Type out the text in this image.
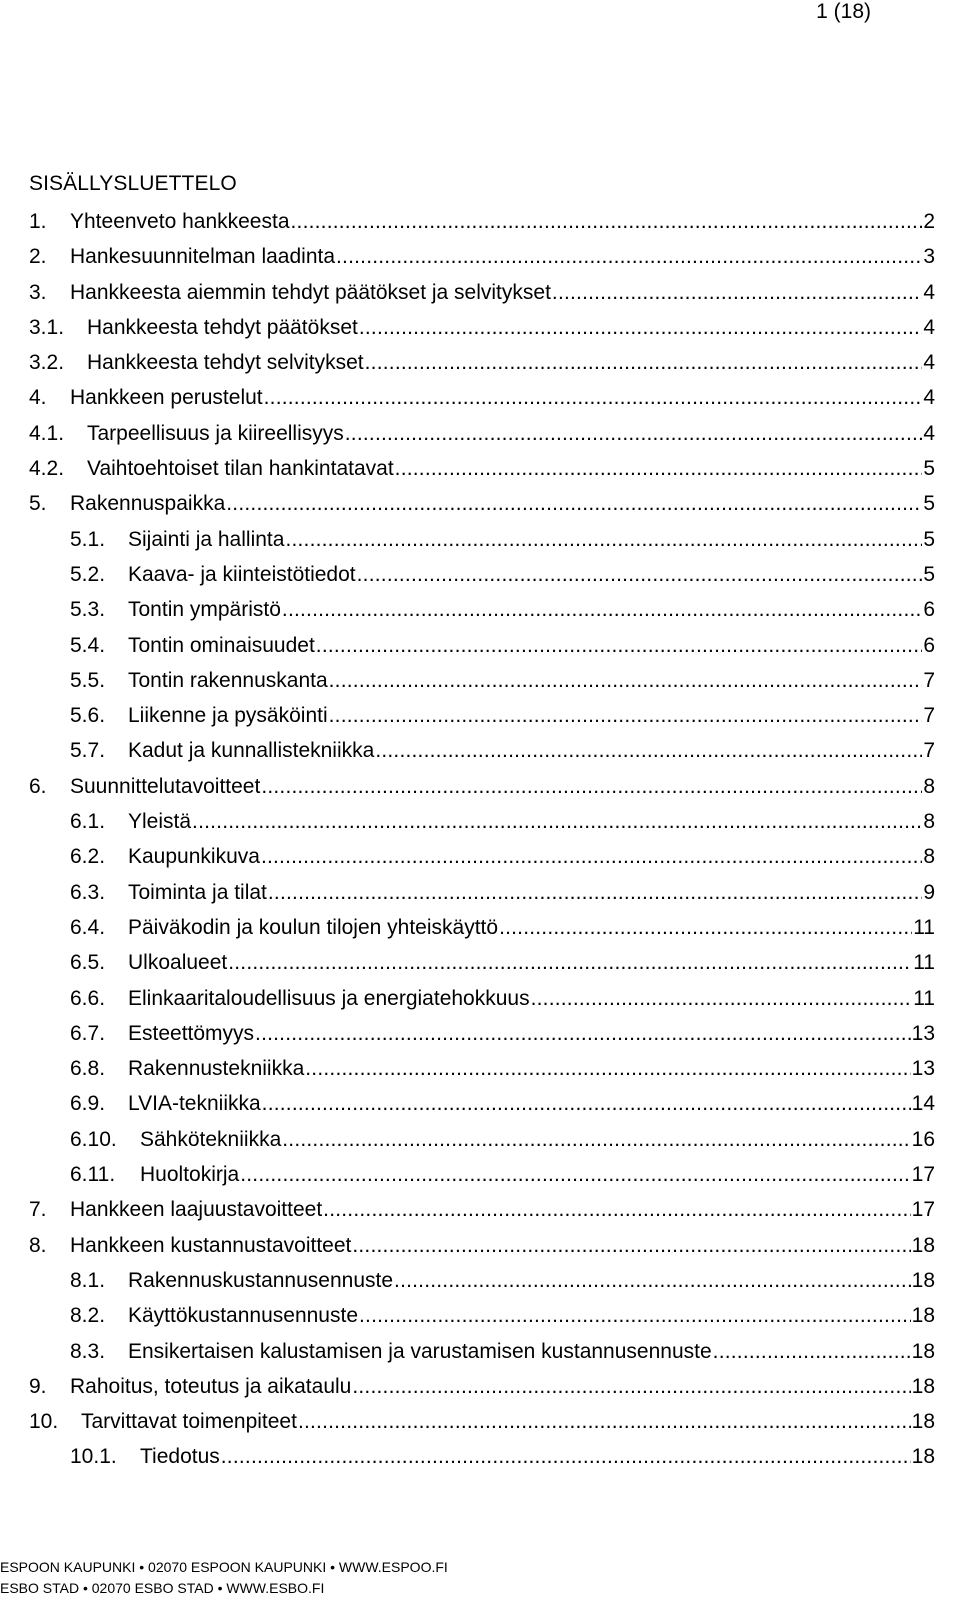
1 (18)
SISÄLLYSLUETTELO
1.	Yhteenveto hankkeesta .....	2
2.	Hankesuunnitelman laadinta .....	3
3.	Hankkeesta aiemmin tehdyt päätökset ja selvitykset .....	4
3.1.	Hankkeesta tehdyt päätökset .....	4
3.2.	Hankkeesta tehdyt selvitykset .....	4
4.	Hankkeen perustelut .....	4
4.1.	Tarpeellisuus ja kiireellisyys .....	4
4.2.	Vaihtoehtoiset tilan hankintatavat .....	5
5.	Rakennuspaikka .....	5
5.1.	Sijainti ja hallinta .....	5
5.2.	Kaava- ja kiinteistötiedot .....	5
5.3.	Tontin ympäristö .....	6
5.4.	Tontin ominaisuudet .....	6
5.5.	Tontin rakennuskanta .....	7
5.6.	Liikenne ja pysäköinti .....	7
5.7.	Kadut ja kunnallistekniikka .....	7
6.	Suunnittelutavoitteet .....	8
6.1.	Yleistä .....	8
6.2.	Kaupunkikuva .....	8
6.3.	Toiminta ja tilat .....	9
6.4.	Päiväkodin ja koulun tilojen yhteiskäyttö .....	11
6.5.	Ulkoalueet .....	11
6.6.	Elinkaaritaloudellisuus ja energiatehokkuus .....	11
6.7.	Esteettömyys .....	13
6.8.	Rakennustekniikka .....	13
6.9.	LVIA-tekniikka .....	14
6.10.	Sähkötekniikka .....	16
6.11.	Huoltokirja .....	17
7.	Hankkeen laajuustavoitteet .....	17
8.	Hankkeen kustannustavoitteet .....	18
8.1.	Rakennuskustannusennuste .....	18
8.2.	Käyttökustannusennuste .....	18
8.3.	Ensikertaisen kalustamisen ja varustamisen kustannusennuste .....	18
9.	Rahoitus, toteutus ja aikataulu .....	18
10.	Tarvittavat toimenpiteet .....	18
10.1.	Tiedotus .....	18
ESPOON KAUPUNKI • 02070 ESPOON KAUPUNKI • WWW.ESPOO.FI
ESBO STAD • 02070 ESBO STAD • WWW.ESBO.FI
